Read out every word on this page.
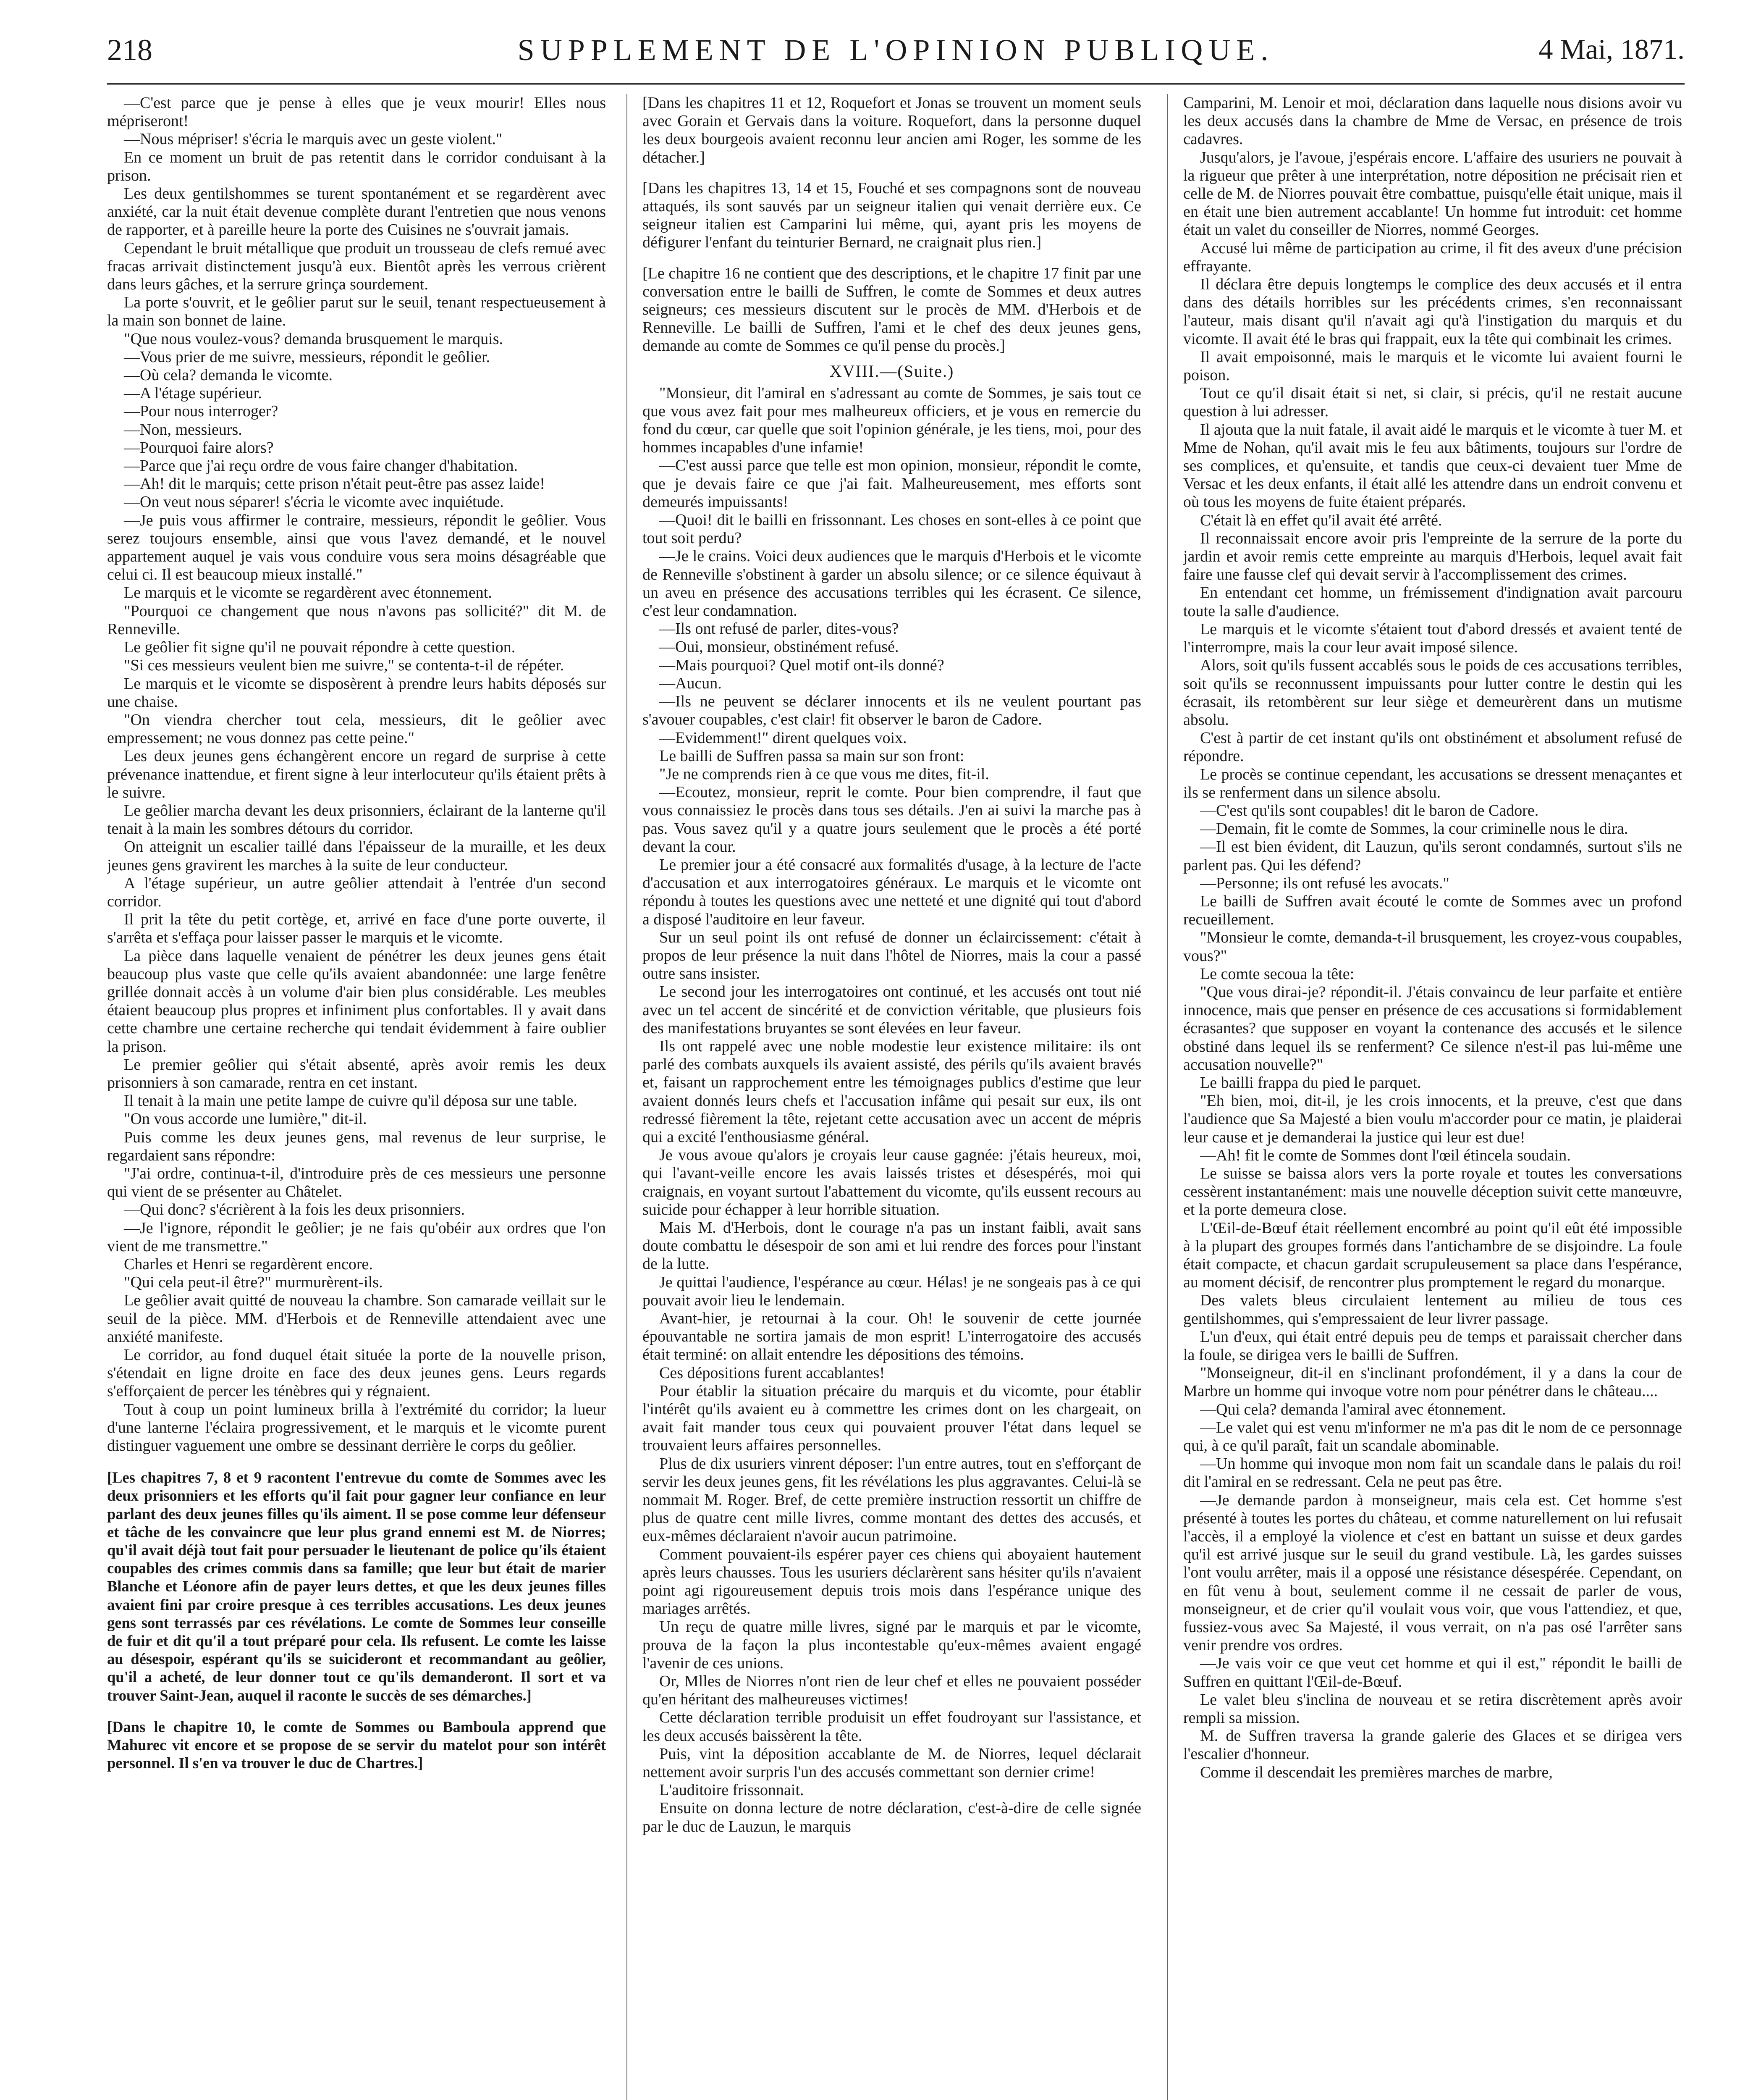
218	SUPPLEMENT DE L'OPINION PUBLIQUE.	4 Mai, 1871.

—C'est parce que je pense à elles que je veux mourir! Elles nous mépriseront!

—Nous mépriser! s'écria le marquis avec un geste violent."

En ce moment un bruit de pas retentit dans le corridor conduisant à la prison.

Les deux gentilshommes se turent spontanément et se regardèrent avec anxiété, car la nuit était devenue complète durant l'entretien que nous venons de rapporter, et à pareille heure la porte des Cuisines ne s'ouvrait jamais.

Cependant le bruit métallique que produit un trousseau de clefs remué avec fracas arrivait distinctement jusqu'à eux. Bientôt après les verrous crièrent dans leurs gâches, et la serrure grinça sourdement.

La porte s'ouvrit, et le geôlier parut sur le seuil, tenant respectueusement à la main son bonnet de laine.

"Que nous voulez-vous? demanda brusquement le marquis.

—Vous prier de me suivre, messieurs, répondit le geôlier.

—Où cela? demanda le vicomte.

—A l'étage supérieur.

—Pour nous interroger?

—Non, messieurs.

—Pourquoi faire alors?

—Parce que j'ai reçu ordre de vous faire changer d'habitation.

—Ah! dit le marquis; cette prison n'était peut-être pas assez laide!

—On veut nous séparer! s'écria le vicomte avec inquiétude.

—Je puis vous affirmer le contraire, messieurs, répondit le geôlier. Vous serez toujours ensemble, ainsi que vous l'avez demandé, et le nouvel appartement auquel je vais vous conduire vous sera moins désagréable que celui ci. Il est beaucoup mieux installé."

Le marquis et le vicomte se regardèrent avec étonnement.

"Pourquoi ce changement que nous n'avons pas sollicité?" dit M. de Renneville.

Le geôlier fit signe qu'il ne pouvait répondre à cette question.

"Si ces messieurs veulent bien me suivre," se contenta-t-il de répéter.

Le marquis et le vicomte se disposèrent à prendre leurs habits déposés sur une chaise.

"On viendra chercher tout cela, messieurs, dit le geôlier avec empressement; ne vous donnez pas cette peine."

Les deux jeunes gens échangèrent encore un regard de surprise à cette prévenance inattendue, et firent signe à leur interlocuteur qu'ils étaient prêts à le suivre.

Le geôlier marcha devant les deux prisonniers, éclairant de la lanterne qu'il tenait à la main les sombres détours du corridor.

On atteignit un escalier taillé dans l'épaisseur de la muraille, et les deux jeunes gens gravirent les marches à la suite de leur conducteur.

A l'étage supérieur, un autre geôlier attendait à l'entrée d'un second corridor.

Il prit la tête du petit cortège, et, arrivé en face d'une porte ouverte, il s'arrêta et s'effaça pour laisser passer le marquis et le vicomte.

La pièce dans laquelle venaient de pénétrer les deux jeunes gens était beaucoup plus vaste que celle qu'ils avaient abandonnée: une large fenêtre grillée donnait accès à un volume d'air bien plus considérable. Les meubles étaient beaucoup plus propres et infiniment plus confortables. Il y avait dans cette chambre une certaine recherche qui tendait évidemment à faire oublier la prison.

Le premier geôlier qui s'était absenté, après avoir remis les deux prisonniers à son camarade, rentra en cet instant.

Il tenait à la main une petite lampe de cuivre qu'il déposa sur une table.

"On vous accorde une lumière," dit-il.

Puis comme les deux jeunes gens, mal revenus de leur surprise, le regardaient sans répondre:

"J'ai ordre, continua-t-il, d'introduire près de ces messieurs une personne qui vient de se présenter au Châtelet.

—Qui donc? s'écrièrent à la fois les deux prisonniers.

—Je l'ignore, répondit le geôlier; je ne fais qu'obéir aux ordres que l'on vient de me transmettre."

Charles et Henri se regardèrent encore.

"Qui cela peut-il être?" murmurèrent-ils.

Le geôlier avait quitté de nouveau la chambre. Son camarade veillait sur le seuil de la pièce. MM. d'Herbois et de Renneville attendaient avec une anxiété manifeste.

Le corridor, au fond duquel était située la porte de la nouvelle prison, s'étendait en ligne droite en face des deux jeunes gens. Leurs regards s'efforçaient de percer les ténèbres qui y régnaient.

Tout à coup un point lumineux brilla à l'extrémité du corridor; la lueur d'une lanterne l'éclaira progressivement, et le marquis et le vicomte purent distinguer vaguement une ombre se dessinant derrière le corps du geôlier.

[Les chapitres 7, 8 et 9 racontent l'entrevue du comte de Sommes avec les deux prisonniers et les efforts qu'il fait pour gagner leur confiance en leur parlant des deux jeunes filles qu'ils aiment. Il se pose comme leur défenseur et tâche de les convaincre que leur plus grand ennemi est M. de Niorres; qu'il avait déjà tout fait pour persuader le lieutenant de police qu'ils étaient coupables des crimes commis dans sa famille; que leur but était de marier Blanche et Léonore afin de payer leurs dettes, et que les deux jeunes filles avaient fini par croire presque à ces terribles accusations. Les deux jeunes gens sont terrassés par ces révélations. Le comte de Sommes leur conseille de fuir et dit qu'il a tout préparé pour cela. Ils refusent. Le comte les laisse au désespoir, espérant qu'ils se suicideront et recommandant au geôlier, qu'il a acheté, de leur donner tout ce qu'ils demanderont. Il sort et va trouver Saint-Jean, auquel il raconte le succès de ses démarches.]

[Dans le chapitre 10, le comte de Sommes ou Bamboula apprend que Mahurec vit encore et se propose de se servir du matelot pour son intérêt personnel. Il s'en va trouver le duc de Chartres.]

[Dans les chapitres 11 et 12, Roquefort et Jonas se trouvent un moment seuls avec Gorain et Gervais dans la voiture. Roquefort, dans la personne duquel les deux bourgeois avaient reconnu leur ancien ami Roger, les somme de les détacher.]

[Dans les chapitres 13, 14 et 15, Fouché et ses compagnons sont de nouveau attaqués, ils sont sauvés par un seigneur italien qui venait derrière eux. Ce seigneur italien est Camparini lui même, qui, ayant pris les moyens de défigurer l'enfant du teinturier Bernard, ne craignait plus rien.]

[Le chapitre 16 ne contient que des descriptions, et le chapitre 17 finit par une conversation entre le bailli de Suffren, le comte de Sommes et deux autres seigneurs; ces messieurs discutent sur le procès de MM. d'Herbois et de Renneville. Le bailli de Suffren, l'ami et le chef des deux jeunes gens, demande au comte de Sommes ce qu'il pense du procès.]

XVIII.—(Suite.)

"Monsieur, dit l'amiral en s'adressant au comte de Sommes, je sais tout ce que vous avez fait pour mes malheureux officiers, et je vous en remercie du fond du cœur, car quelle que soit l'opinion générale, je les tiens, moi, pour des hommes incapables d'une infamie!

—C'est aussi parce que telle est mon opinion, monsieur, répondit le comte, que je devais faire ce que j'ai fait. Malheureusement, mes efforts sont demeurés impuissants!

—Quoi! dit le bailli en frissonnant. Les choses en sont-elles à ce point que tout soit perdu?

—Je le crains. Voici deux audiences que le marquis d'Herbois et le vicomte de Renneville s'obstinent à garder un absolu silence; or ce silence équivaut à un aveu en présence des accusations terribles qui les écrasent. Ce silence, c'est leur condamnation.

—Ils ont refusé de parler, dites-vous?

—Oui, monsieur, obstinément refusé.

—Mais pourquoi? Quel motif ont-ils donné?

—Aucun.

—Ils ne peuvent se déclarer innocents et ils ne veulent pourtant pas s'avouer coupables, c'est clair! fit observer le baron de Cadore.

—Evidemment!" dirent quelques voix.

Le bailli de Suffren passa sa main sur son front:

"Je ne comprends rien à ce que vous me dites, fit-il.

—Ecoutez, monsieur, reprit le comte. Pour bien comprendre, il faut que vous connaissiez le procès dans tous ses détails. J'en ai suivi la marche pas à pas. Vous savez qu'il y a quatre jours seulement que le procès a été porté devant la cour.

Le premier jour a été consacré aux formalités d'usage, à la lecture de l'acte d'accusation et aux interrogatoires généraux. Le marquis et le vicomte ont répondu à toutes les questions avec une netteté et une dignité qui tout d'abord a disposé l'auditoire en leur faveur.

Sur un seul point ils ont refusé de donner un éclaircissement: c'était à propos de leur présence la nuit dans l'hôtel de Niorres, mais la cour a passé outre sans insister.

Le second jour les interrogatoires ont continué, et les accusés ont tout nié avec un tel accent de sincérité et de conviction véritable, que plusieurs fois des manifestations bruyantes se sont élevées en leur faveur.

Ils ont rappelé avec une noble modestie leur existence militaire: ils ont parlé des combats auxquels ils avaient assisté, des périls qu'ils avaient bravés et, faisant un rapprochement entre les témoignages publics d'estime que leur avaient donnés leurs chefs et l'accusation infâme qui pesait sur eux, ils ont redressé fièrement la tête, rejetant cette accusation avec un accent de mépris qui a excité l'enthousiasme général.

Je vous avoue qu'alors je croyais leur cause gagnée: j'étais heureux, moi, qui l'avant-veille encore les avais laissés tristes et désespérés, moi qui craignais, en voyant surtout l'abattement du vicomte, qu'ils eussent recours au suicide pour échapper à leur horrible situation.

Mais M. d'Herbois, dont le courage n'a pas un instant faibli, avait sans doute combattu le désespoir de son ami et lui rendre des forces pour l'instant de la lutte.

Je quittai l'audience, l'espérance au cœur. Hélas! je ne songeais pas à ce qui pouvait avoir lieu le lendemain.

Avant-hier, je retournai à la cour. Oh! le souvenir de cette journée épouvantable ne sortira jamais de mon esprit! L'interrogatoire des accusés était terminé: on allait entendre les dépositions des témoins.

Ces dépositions furent accablantes!

Pour établir la situation précaire du marquis et du vicomte, pour établir l'intérêt qu'ils avaient eu à commettre les crimes dont on les chargeait, on avait fait mander tous ceux qui pouvaient prouver l'état dans lequel se trouvaient leurs affaires personnelles.

Plus de dix usuriers vinrent déposer: l'un entre autres, tout en s'efforçant de servir les deux jeunes gens, fit les révélations les plus aggravantes. Celui-là se nommait M. Roger. Bref, de cette première instruction ressortit un chiffre de plus de quatre cent mille livres, comme montant des dettes des accusés, et eux-mêmes déclaraient n'avoir aucun patrimoine.

Comment pouvaient-ils espérer payer ces chiens qui aboyaient hautement après leurs chausses. Tous les usuriers déclarèrent sans hésiter qu'ils n'avaient point agi rigoureusement depuis trois mois dans l'espérance unique des mariages arrêtés.

Un reçu de quatre mille livres, signé par le marquis et par le vicomte, prouva de la façon la plus incontestable qu'eux-mêmes avaient engagé l'avenir de ces unions.

Or, Mlles de Niorres n'ont rien de leur chef et elles ne pouvaient posséder qu'en héritant des malheureuses victimes!

Cette déclaration terrible produisit un effet foudroyant sur l'assistance, et les deux accusés baissèrent la tête.

Puis, vint la déposition accablante de M. de Niorres, lequel déclarait nettement avoir surpris l'un des accusés commettant son dernier crime!

L'auditoire frissonnait.

Ensuite on donna lecture de notre déclaration, c'est-à-dire de celle signée par le duc de Lauzun, le marquis

Camparini, M. Lenoir et moi, déclaration dans laquelle nous disions avoir vu les deux accusés dans la chambre de Mme de Versac, en présence de trois cadavres.

Jusqu'alors, je l'avoue, j'espérais encore. L'affaire des usuriers ne pouvait à la rigueur que prêter à une interprétation, notre déposition ne précisait rien et celle de M. de Niorres pouvait être combattue, puisqu'elle était unique, mais il en était une bien autrement accablante! Un homme fut introduit: cet homme était un valet du conseiller de Niorres, nommé Georges.

Accusé lui même de participation au crime, il fit des aveux d'une précision effrayante.

Il déclara être depuis longtemps le complice des deux accusés et il entra dans des détails horribles sur les précédents crimes, s'en reconnaissant l'auteur, mais disant qu'il n'avait agi qu'à l'instigation du marquis et du vicomte. Il avait été le bras qui frappait, eux la tête qui combinait les crimes.

Il avait empoisonné, mais le marquis et le vicomte lui avaient fourni le poison.

Tout ce qu'il disait était si net, si clair, si précis, qu'il ne restait aucune question à lui adresser.

Il ajouta que la nuit fatale, il avait aidé le marquis et le vicomte à tuer M. et Mme de Nohan, qu'il avait mis le feu aux bâtiments, toujours sur l'ordre de ses complices, et qu'ensuite, et tandis que ceux-ci devaient tuer Mme de Versac et les deux enfants, il était allé les attendre dans un endroit convenu et où tous les moyens de fuite étaient préparés.

C'était là en effet qu'il avait été arrêté.

Il reconnaissait encore avoir pris l'empreinte de la serrure de la porte du jardin et avoir remis cette empreinte au marquis d'Herbois, lequel avait fait faire une fausse clef qui devait servir à l'accomplissement des crimes.

En entendant cet homme, un frémissement d'indignation avait parcouru toute la salle d'audience.

Le marquis et le vicomte s'étaient tout d'abord dressés et avaient tenté de l'interrompre, mais la cour leur avait imposé silence.

Alors, soit qu'ils fussent accablés sous le poids de ces accusations terribles, soit qu'ils se reconnussent impuissants pour lutter contre le destin qui les écrasait, ils retombèrent sur leur siège et demeurèrent dans un mutisme absolu.

C'est à partir de cet instant qu'ils ont obstinément et absolument refusé de répondre.

Le procès se continue cependant, les accusations se dressent menaçantes et ils se renferment dans un silence absolu.

—C'est qu'ils sont coupables! dit le baron de Cadore.

—Demain, fit le comte de Sommes, la cour criminelle nous le dira.

—Il est bien évident, dit Lauzun, qu'ils seront condamnés, surtout s'ils ne parlent pas. Qui les défend?

—Personne; ils ont refusé les avocats."

Le bailli de Suffren avait écouté le comte de Sommes avec un profond recueillement.

"Monsieur le comte, demanda-t-il brusquement, les croyez-vous coupables, vous?"

Le comte secoua la tête:

"Que vous dirai-je? répondit-il. J'étais convaincu de leur parfaite et entière innocence, mais que penser en présence de ces accusations si formidablement écrasantes? que supposer en voyant la contenance des accusés et le silence obstiné dans lequel ils se renferment? Ce silence n'est-il pas lui-même une accusation nouvelle?"

Le bailli frappa du pied le parquet.

"Eh bien, moi, dit-il, je les crois innocents, et la preuve, c'est que dans l'audience que Sa Majesté a bien voulu m'accorder pour ce matin, je plaiderai leur cause et je demanderai la justice qui leur est due!

—Ah! fit le comte de Sommes dont l'œil étincela soudain.

Le suisse se baissa alors vers la porte royale et toutes les conversations cessèrent instantanément: mais une nouvelle déception suivit cette manœuvre, et la porte demeura close.

L'Œil-de-Bœuf était réellement encombré au point qu'il eût été impossible à la plupart des groupes formés dans l'antichambre de se disjoindre. La foule était compacte, et chacun gardait scrupuleusement sa place dans l'espérance, au moment décisif, de rencontrer plus promptement le regard du monarque.

Des valets bleus circulaient lentement au milieu de tous ces gentilshommes, qui s'empressaient de leur livrer passage.

L'un d'eux, qui était entré depuis peu de temps et paraissait chercher dans la foule, se dirigea vers le bailli de Suffren.

"Monseigneur, dit-il en s'inclinant profondément, il y a dans la cour de Marbre un homme qui invoque votre nom pour pénétrer dans le château....

—Qui cela? demanda l'amiral avec étonnement.

—Le valet qui est venu m'informer ne m'a pas dit le nom de ce personnage qui, à ce qu'il paraît, fait un scandale abominable.

—Un homme qui invoque mon nom fait un scandale dans le palais du roi! dit l'amiral en se redressant. Cela ne peut pas être.

—Je demande pardon à monseigneur, mais cela est. Cet homme s'est présenté à toutes les portes du château, et comme naturellement on lui refusait l'accès, il a employé la violence et c'est en battant un suisse et deux gardes qu'il est arrivé jusque sur le seuil du grand vestibule. Là, les gardes suisses l'ont voulu arrêter, mais il a opposé une résistance désespérée. Cependant, on en fût venu à bout, seulement comme il ne cessait de parler de vous, monseigneur, et de crier qu'il voulait vous voir, que vous l'attendiez, et que, fussiez-vous avec Sa Majesté, il vous verrait, on n'a pas osé l'arrêter sans venir prendre vos ordres.

—Je vais voir ce que veut cet homme et qui il est," répondit le bailli de Suffren en quittant l'Œil-de-Bœuf.

Le valet bleu s'inclina de nouveau et se retira discrètement après avoir rempli sa mission.

M. de Suffren traversa la grande galerie des Glaces et se dirigea vers l'escalier d'honneur.

Comme il descendait les premières marches de marbre,
